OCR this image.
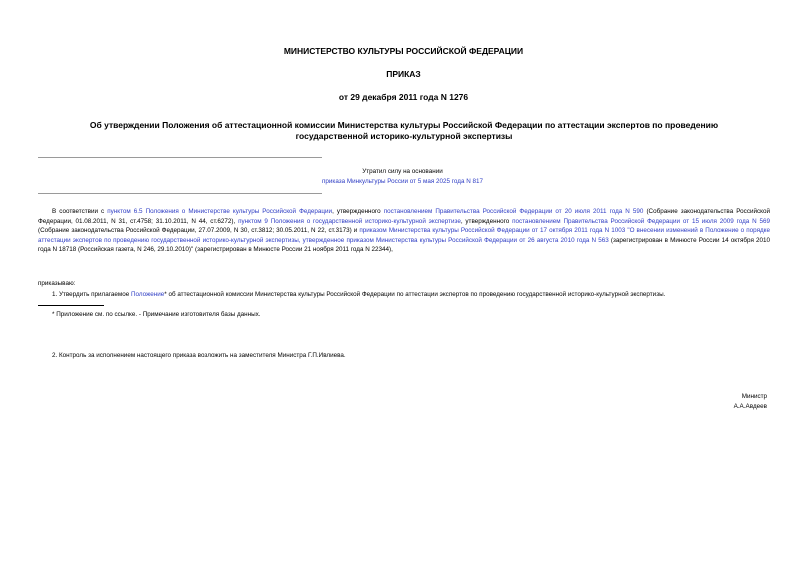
МИНИСТЕРСТВО КУЛЬТУРЫ РОССИЙСКОЙ ФЕДЕРАЦИИ
ПРИКАЗ
от 29 декабря 2011 года N 1276
Об утверждении Положения об аттестационной комиссии Министерства культуры Российской Федерации по аттестации экспертов по проведению государственной историко-культурной экспертизы
Утратил силу на основании
приказа Минкультуры России от 5 мая 2025 года N 817
В соответствии с пунктом 6.5 Положения о Министерстве культуры Российской Федерации, утвержденного постановлением Правительства Российской Федерации от 20 июля 2011 года N 590 (Собрание законодательства Российской Федерации, 01.08.2011, N 31, ст.4758; 31.10.2011, N 44, ст.6272), пунктом 9 Положения о государственной историко-культурной экспертизе, утвержденного постановлением Правительства Российской Федерации от 15 июля 2009 года N 569 (Собрание законодательства Российской Федерации, 27.07.2009, N 30, ст.3812; 30.05.2011, N 22, ст.3173) и приказом Министерства культуры Российской Федерации от 17 октября 2011 года N 1003 "О внесении изменений в Положение о порядке аттестации экспертов по проведению государственной историко-культурной экспертизы, утвержденное приказом Министерства культуры Российской Федерации от 26 августа 2010 года N 563 (зарегистрирован в Минюсте России 14 октября 2010 года N 18718 (Российская газета, N 246, 29.10.2010)" (зарегистрирован в Минюсте России 21 ноября 2011 года N 22344),
приказываю:
1. Утвердить прилагаемое Положение* об аттестационной комиссии Министерства культуры Российской Федерации по аттестации экспертов по проведению государственной историко-культурной экспертизы.
* Приложение см. по ссылке. - Примечание изготовителя базы данных.
2. Контроль за исполнением настоящего приказа возложить на заместителя Министра Г.П.Ивлиева.
Министр
А.А.Авдеев
